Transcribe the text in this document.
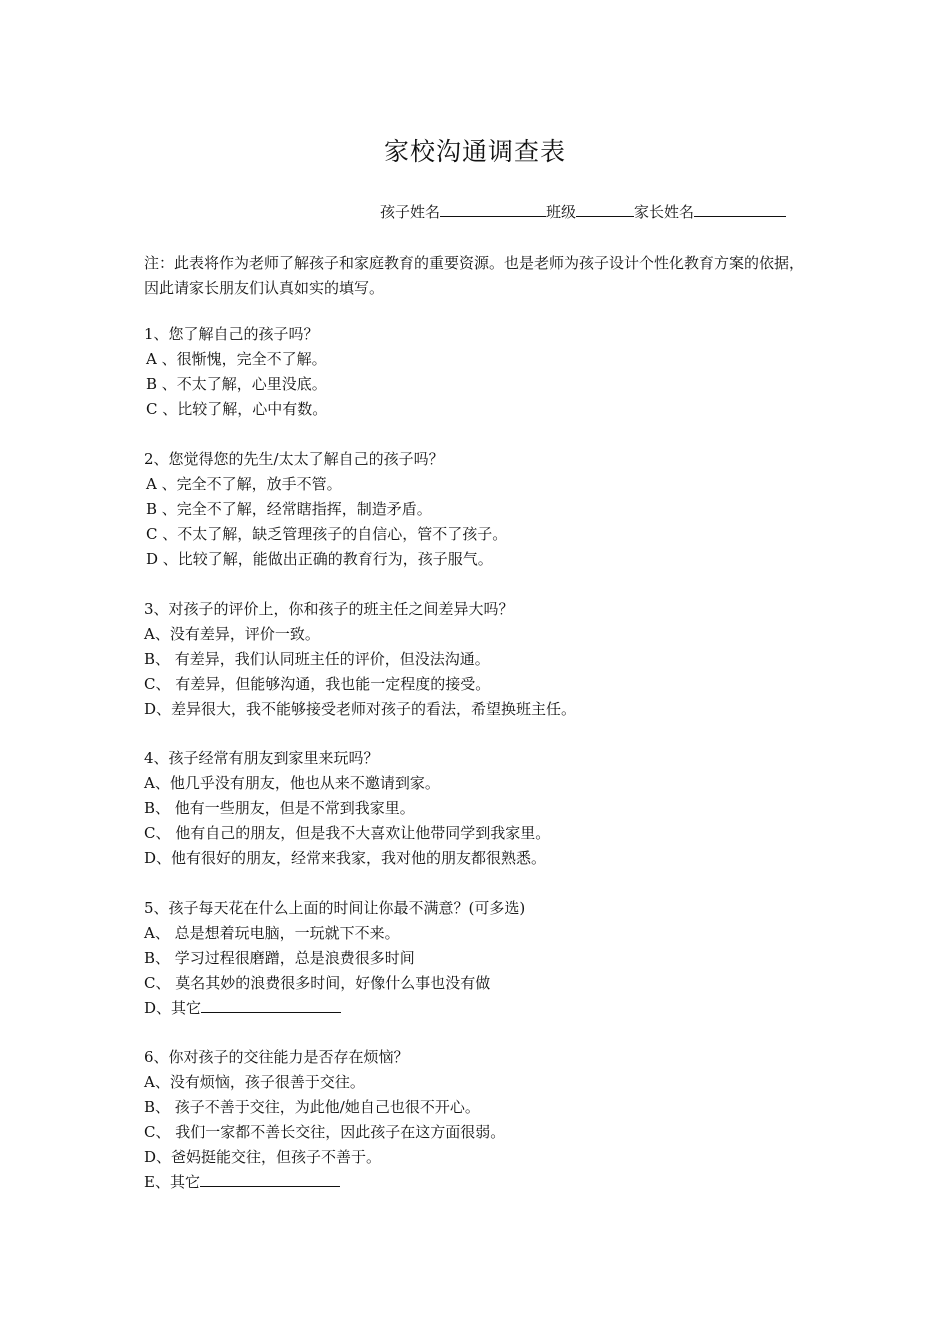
家校沟通调查表
孩子姓名	班级	家长姓名
注：此表将作为老师了解孩子和家庭教育的重要资源。也是老师为孩子设计个性化教育方案的依据，因此请家长朋友们认真如实的填写。
1、您了解自己的孩子吗？
A 、很惭愧，完全不了解。
B 、不太了解，心里没底。
C 、比较了解，心中有数。
2、您觉得您的先生/太太了解自己的孩子吗？
A 、完全不了解，放手不管。
B 、完全不了解，经常瞎指挥，制造矛盾。
C 、不太了解，缺乏管理孩子的自信心，管不了孩子。
D 、比较了解，能做出正确的教育行为，孩子服气。
3、对孩子的评价上，你和孩子的班主任之间差异大吗？
A、没有差异，评价一致。
B、 有差异，我们认同班主任的评价，但没法沟通。
C、 有差异，但能够沟通，我也能一定程度的接受。
D、差异很大，我不能够接受老师对孩子的看法，希望换班主任。
4、孩子经常有朋友到家里来玩吗？
A、他几乎没有朋友，他也从来不邀请到家。
B、 他有一些朋友，但是不常到我家里。
C、 他有自己的朋友，但是我不大喜欢让他带同学到我家里。
D、他有很好的朋友，经常来我家，我对他的朋友都很熟悉。
5、孩子每天花在什么上面的时间让你最不满意？(可多选)
A、 总是想着玩电脑，一玩就下不来。
B、 学习过程很磨蹭，总是浪费很多时间
C、 莫名其妙的浪费很多时间，好像什么事也没有做
D、其它
6、你对孩子的交往能力是否存在烦恼？
A、没有烦恼，孩子很善于交往。
B、 孩子不善于交往，为此他/她自己也很不开心。
C、 我们一家都不善长交往，因此孩子在这方面很弱。
D、爸妈挺能交往，但孩子不善于。
E、其它
